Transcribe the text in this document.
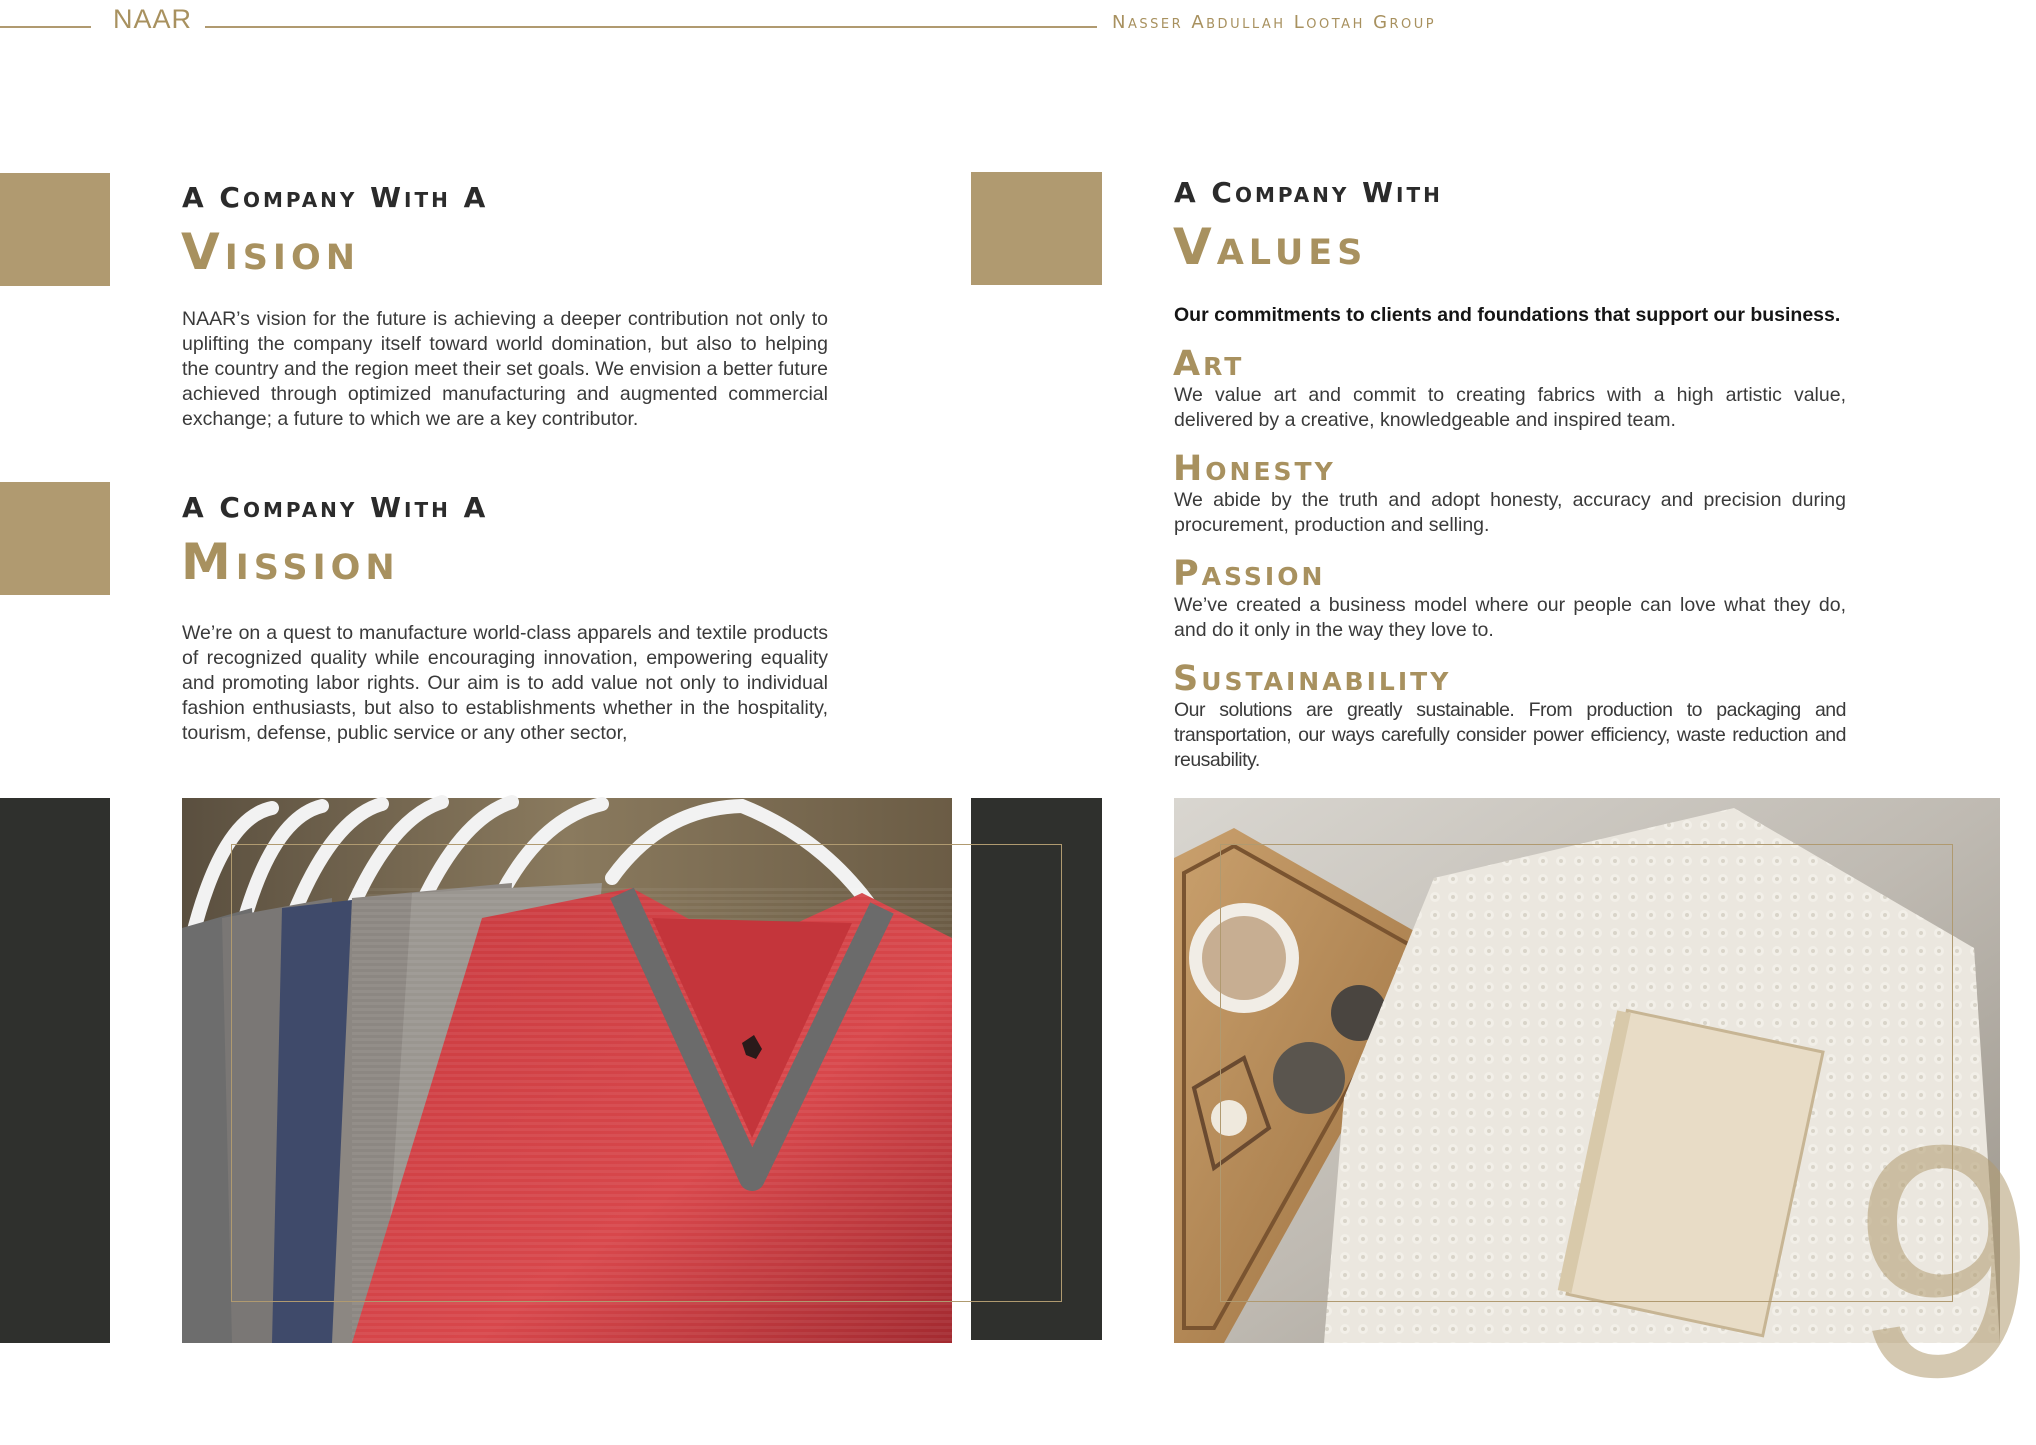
NAAR	Nasser Abdullah Lootah Group
A Company With A
Vision
NAAR’s vision for the future is achieving a deeper contribution not only to uplifting the company itself toward world domination, but also to helping the country and the region meet their set goals. We envision a better future achieved through optimized manufacturing and augmented commercial exchange; a future to which we are a key contributor.
A Company With A
Mission
We’re on a quest to manufacture world-class apparels and textile products of recognized quality while encouraging innovation, empowering equality and promoting labor rights. Our aim is to add value not only to individual fashion enthusiasts, but also to establishments whether in the hospitality, tourism, defense, public service or any other sector,
A Company With
Values
Our commitments to clients and foundations that support our business.
Art
We value art and commit to creating fabrics with a high artistic value, delivered by a creative, knowledgeable and inspired team.
Honesty
We abide by the truth and adopt honesty, accuracy and precision during procurement, production and selling.
Passion
We’ve created a business model where our people can love what they do, and do it only in the way they love to.
Sustainability
Our solutions are greatly sustainable. From production to packaging and transportation, our ways carefully consider power efficiency, waste reduction and reusability.
9
